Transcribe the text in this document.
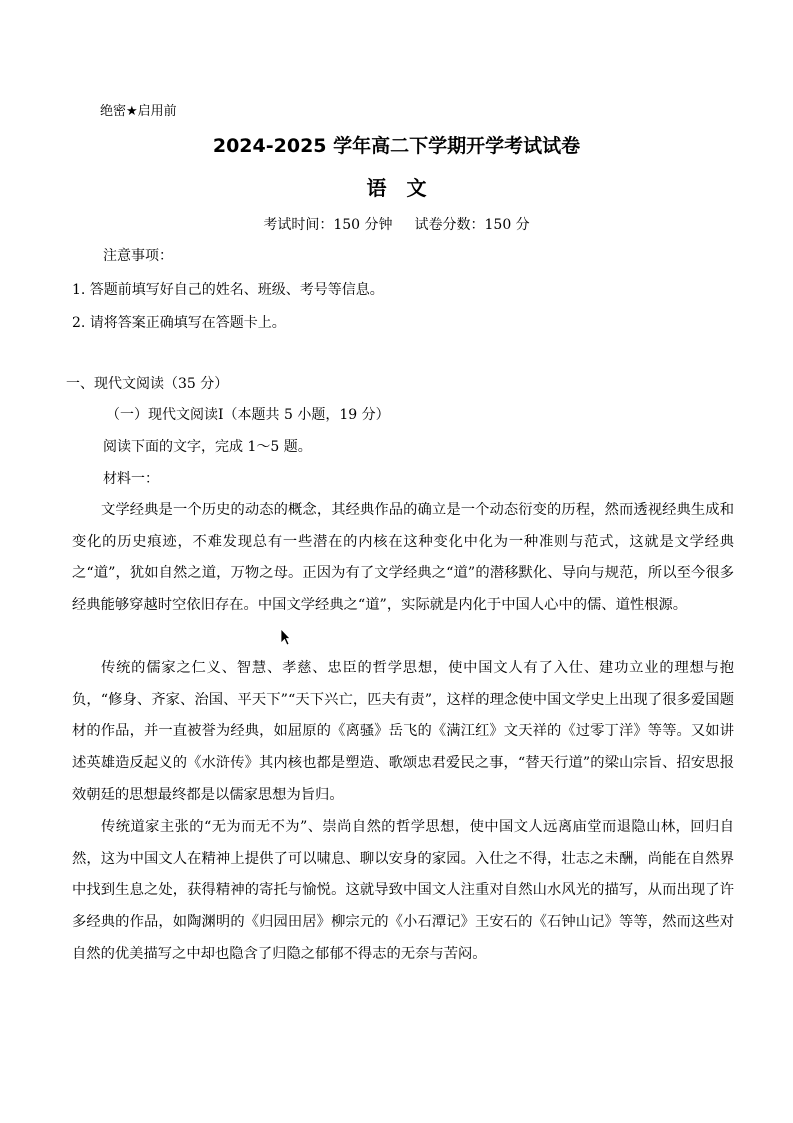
绝密★启用前
2024-2025 学年高二下学期开学考试试卷
语　文
考试时间：150 分钟 试卷分数：150 分
注意事项：
1. 答题前填写好自己的姓名、班级、考号等信息。
2. 请将答案正确填写在答题卡上。
一、现代文阅读（35 分）
（一）现代文阅读Ⅰ（本题共 5 小题，19 分）
阅读下面的文字，完成 1～5 题。
材料一：
文学经典是一个历史的动态的概念，其经典作品的确立是一个动态衍变的历程，然而透视经典生成和变化的历史痕迹，不难发现总有一些潜在的内核在这种变化中化为一种准则与范式，这就是文学经典之“道”，犹如自然之道，万物之母。正因为有了文学经典之“道”的潜移默化、导向与规范，所以至今很多经典能够穿越时空依旧存在。中国文学经典之“道”，实际就是内化于中国人心中的儒、道性根源。
传统的儒家之仁义、智慧、孝慈、忠臣的哲学思想，使中国文人有了入仕、建功立业的理想与抱负，“修身、齐家、治国、平天下”“天下兴亡，匹夫有责”，这样的理念使中国文学史上出现了很多爱国题材的作品，并一直被誉为经典，如屈原的《离骚》岳飞的《满江红》文天祥的《过零丁洋》等等。又如讲述英雄造反起义的《水浒传》其内核也都是塑造、歌颂忠君爱民之事，“替天行道”的梁山宗旨、招安思报效朝廷的思想最终都是以儒家思想为旨归。
传统道家主张的“无为而无不为”、崇尚自然的哲学思想，使中国文人远离庙堂而退隐山林，回归自然，这为中国文人在精神上提供了可以啸息、聊以安身的家园。入仕之不得，壮志之未酬，尚能在自然界中找到生息之处，获得精神的寄托与愉悦。这就导致中国文人注重对自然山水风光的描写，从而出现了许多经典的作品，如陶渊明的《归园田居》柳宗元的《小石潭记》王安石的《石钟山记》等等，然而这些对自然的优美描写之中却也隐含了归隐之郁郁不得志的无奈与苦闷。
